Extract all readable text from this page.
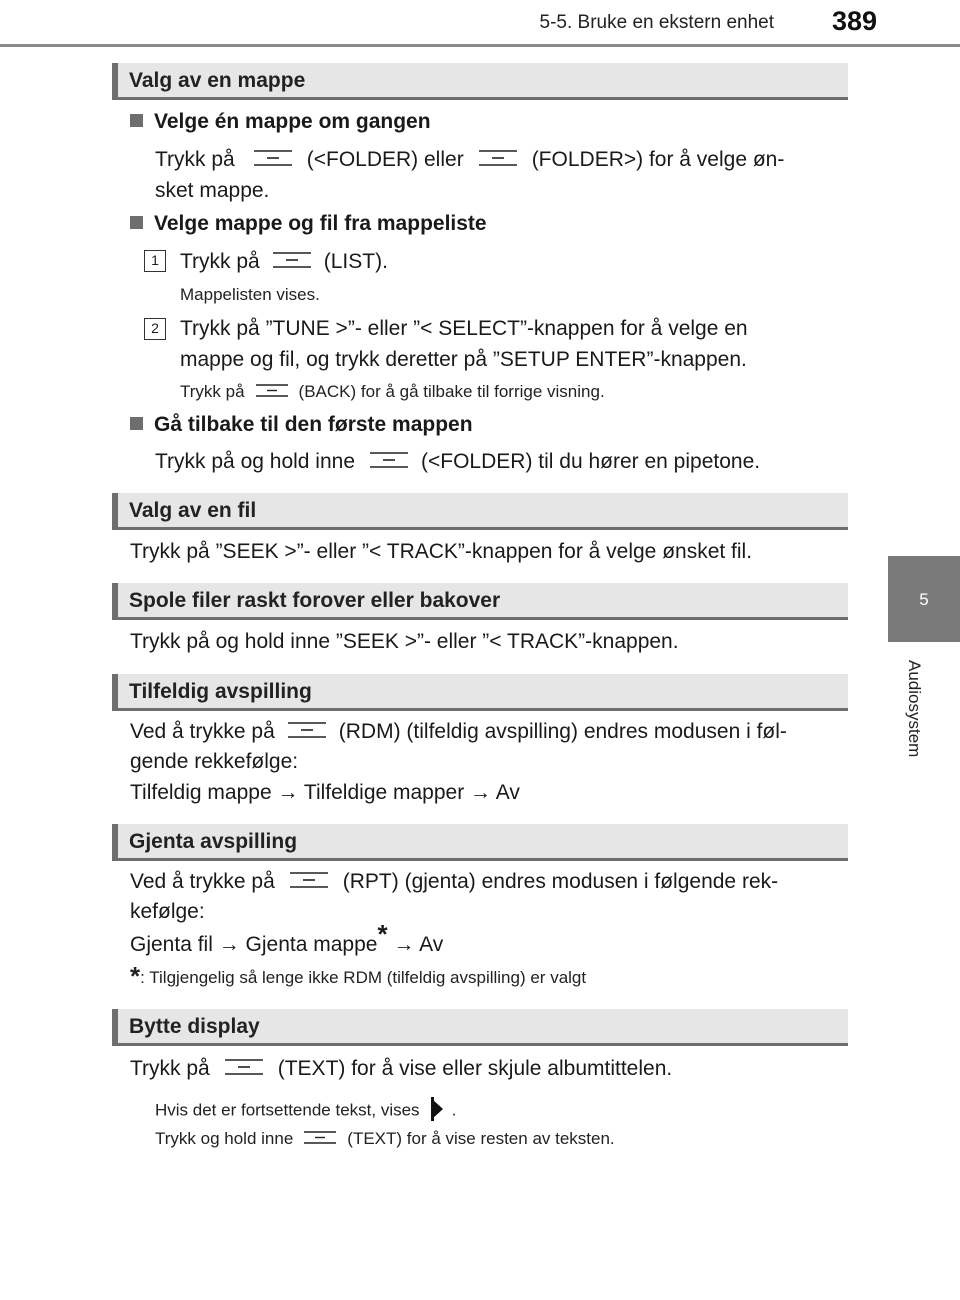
5-5. Bruke en ekstern enhet 389
5
Audiosystem
Valg av en mappe
Velge én mappe om gangen
Trykk på	(<FOLDER) eller	(FOLDER>) for å velge øn-
sket mappe.
Velge mappe og fil fra mappeliste
1	Trykk på	(LIST).
Mappelisten vises.
2	Trykk på ”TUNE >”- eller ”< SELECT”-knappen for å velge en
mappe og fil, og trykk deretter på ”SETUP ENTER”-knappen.
Trykk på	(BACK) for å gå tilbake til forrige visning.
Gå tilbake til den første mappen
Trykk på og hold inne	(<FOLDER) til du hører en pipetone.
Valg av en fil
Trykk på ”SEEK >”- eller ”< TRACK”-knappen for å velge ønsket fil.
Spole filer raskt forover eller bakover
Trykk på og hold inne ”SEEK >”- eller ”< TRACK”-knappen.
Tilfeldig avspilling
Ved å trykke på	(RDM) (tilfeldig avspilling) endres modusen i føl-
gende rekkefølge:
Tilfeldig mappe → Tilfeldige mapper → Av
Gjenta avspilling
Ved å trykke på	(RPT) (gjenta) endres modusen i følgende rek-
kefølge:
Gjenta fil → Gjenta mappe* → Av
*: Tilgjengelig så lenge ikke RDM (tilfeldig avspilling) er valgt
Bytte display
Trykk på	(TEXT) for å vise eller skjule albumtittelen.
Hvis det er fortsettende tekst, vises .
Trykk og hold inne	(TEXT) for å vise resten av teksten.
